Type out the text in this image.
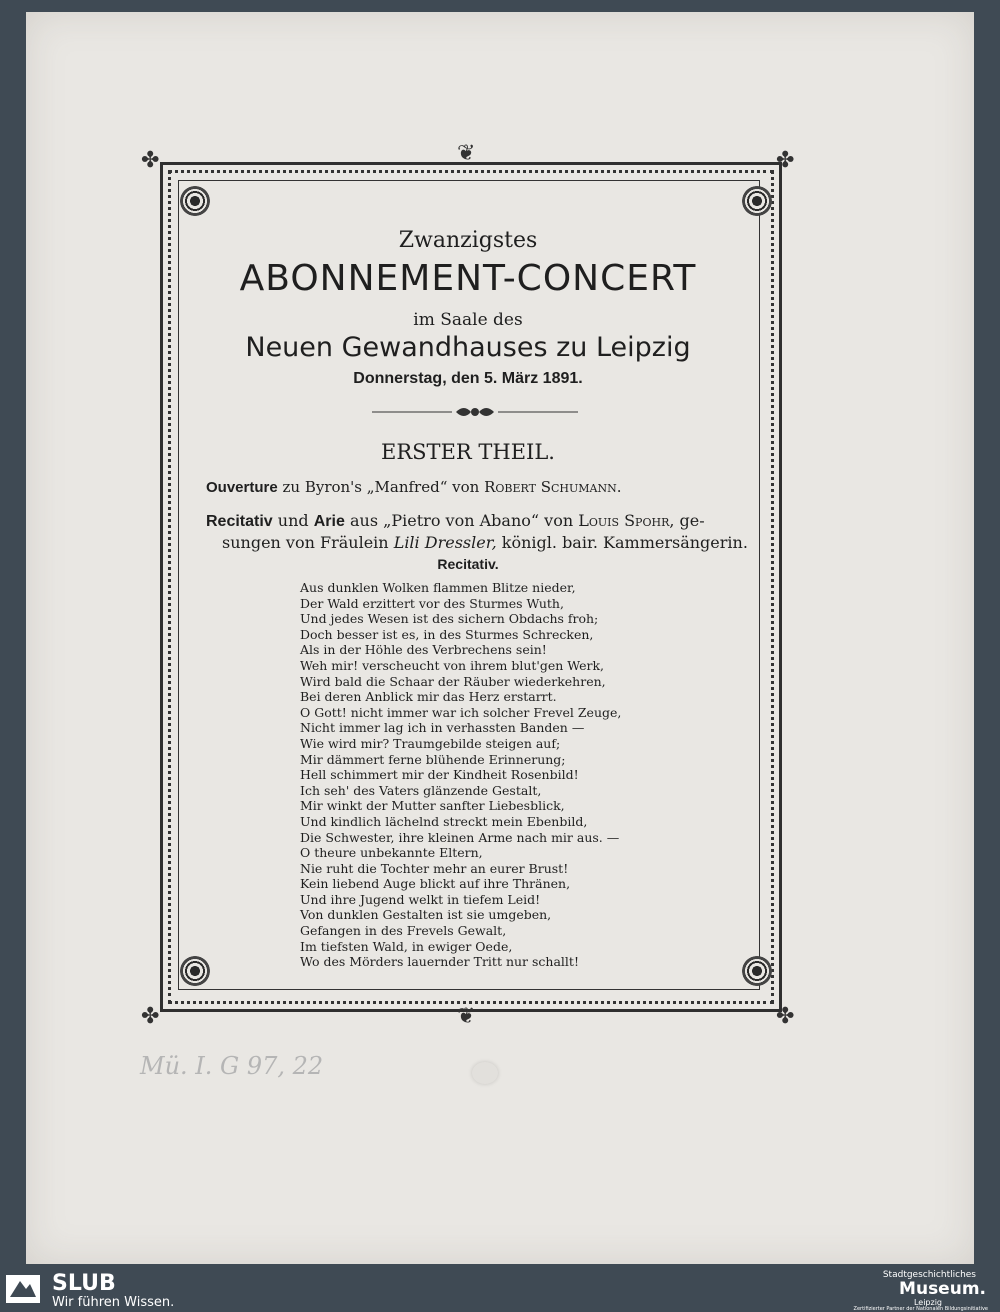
❦
❦
✤	✤
✤	✤
Zwanzigstes
ABONNEMENT-CONCERT
im Saale des
Neuen Gewandhauses zu Leipzig
Donnerstag, den 5. März 1891.
ERSTER THEIL.
Ouverture zu Byron's „Manfred“ von Robert Schumann.
Recitativ und Arie aus „Pietro von Abano“ von Louis Spohr, ge-
sungen von Fräulein Lili Dressler, königl. bair. Kammersängerin.
Recitativ.
Aus dunklen Wolken flammen Blitze nieder,
Der Wald erzittert vor des Sturmes Wuth,
Und jedes Wesen ist des sichern Obdachs froh;
Doch besser ist es, in des Sturmes Schrecken,
Als in der Höhle des Verbrechens sein!
Weh mir! verscheucht von ihrem blut'gen Werk,
Wird bald die Schaar der Räuber wiederkehren,
Bei deren Anblick mir das Herz erstarrt.
O Gott! nicht immer war ich solcher Frevel Zeuge,
Nicht immer lag ich in verhassten Banden —
Wie wird mir? Traumgebilde steigen auf;
Mir dämmert ferne blühende Erinnerung;
Hell schimmert mir der Kindheit Rosenbild!
Ich seh' des Vaters glänzende Gestalt,
Mir winkt der Mutter sanfter Liebesblick,
Und kindlich lächelnd streckt mein Ebenbild,
Die Schwester, ihre kleinen Arme nach mir aus. —
O theure unbekannte Eltern,
Nie ruht die Tochter mehr an eurer Brust!
Kein liebend Auge blickt auf ihre Thränen,
Und ihre Jugend welkt in tiefem Leid!
Von dunklen Gestalten ist sie umgeben,
Gefangen in des Frevels Gewalt,
Im tiefsten Wald, in ewiger Oede,
Wo des Mörders lauernder Tritt nur schallt!
Mü. I. G 97, 22
SLUB
Wir führen Wissen.
Stadtgeschichtliches
Museum.
Leipzig
Zertifizierter Partner der Nationalen Bildungsinitiative
